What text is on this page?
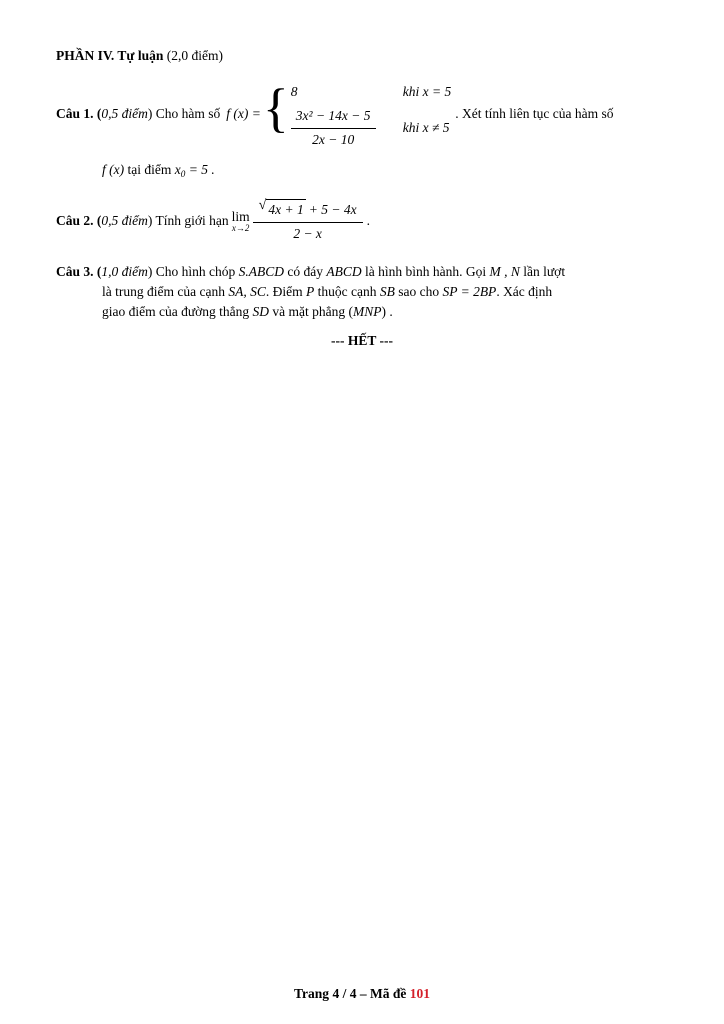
PHẦN IV. Tự luận (2,0 điểm)
Câu 1. (0,5 điểm) Cho hàm số f (x) = { 8	khi x = 5
$\frac{\text{3x² − 14x − 5}}{2x - 10}$ khi x ≠ 5
. Xét tính liên tục của hàm số
f (x) tại điểm $x_0 = 5$ .
Câu 2. (0,5 điểm) Tính giới hạn lim
$x\to 2 \frac{√ 4x + 1 + 5 - 4x}{2 - x}$ .
Câu 3. (1,0 điểm) Cho hình chóp S.ABCD có đáy ABCD là hình bình hành. Gọi M , N lần lượt
là trung điểm của cạnh SA, SC. Điểm P thuộc cạnh SB sao cho SP = 2BP. Xác định
giao điểm của đường thẳng SD và mặt phẳng (MNP) .
--- HẾT ---
Trang 4 / 4 – Mã đề 101
